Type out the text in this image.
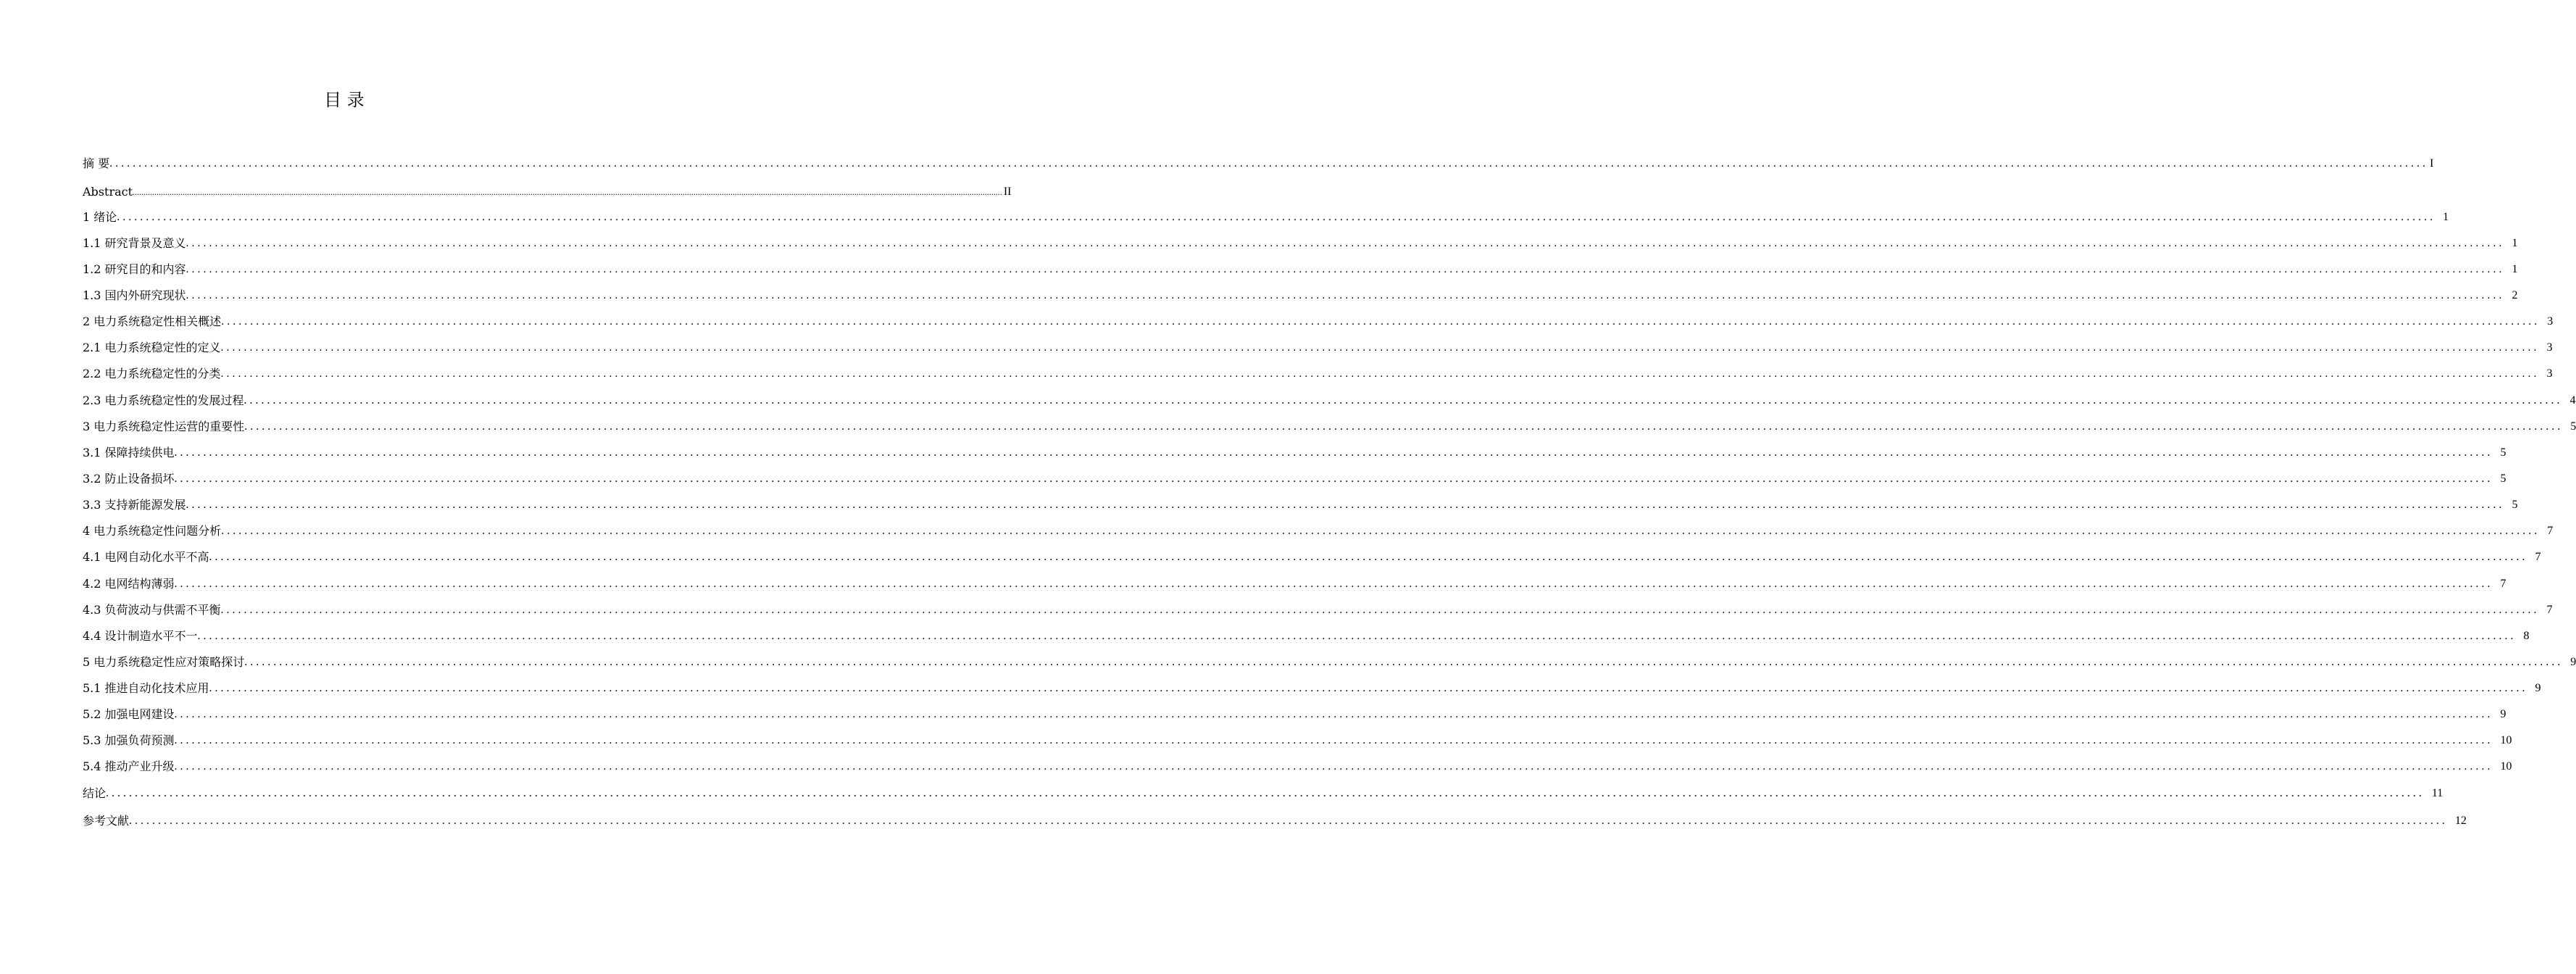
目 录
摘 要 ................................................................................................................................................................................................................................................................................................................................................................................................................ I
Abstract ................................................................................................................................................................................................................................................................................................................................................................................................................ II
1 绪论 ................................................................................................................................................................................................................................................................................................................................................................................................................ 1
1.1 研究背景及意义 ................................................................................................................................................................................................................................................................................................................................................................................................................ 1
1.2 研究目的和内容 ................................................................................................................................................................................................................................................................................................................................................................................................................ 1
1.3 国内外研究现状 ................................................................................................................................................................................................................................................................................................................................................................................................................ 2
2 电力系统稳定性相关概述 ................................................................................................................................................................................................................................................................................................................................................................................................................ 3
2.1 电力系统稳定性的定义 ................................................................................................................................................................................................................................................................................................................................................................................................................ 3
2.2 电力系统稳定性的分类 ................................................................................................................................................................................................................................................................................................................................................................................................................ 3
2.3 电力系统稳定性的发展过程 ................................................................................................................................................................................................................................................................................................................................................................................................................ 4
3 电力系统稳定性运营的重要性 ................................................................................................................................................................................................................................................................................................................................................................................................................ 5
3.1 保障持续供电 ................................................................................................................................................................................................................................................................................................................................................................................................................ 5
3.2 防止设备损坏 ................................................................................................................................................................................................................................................................................................................................................................................................................ 5
3.3 支持新能源发展 ................................................................................................................................................................................................................................................................................................................................................................................................................ 5
4 电力系统稳定性问题分析 ................................................................................................................................................................................................................................................................................................................................................................................................................ 7
4.1 电网自动化水平不高 ................................................................................................................................................................................................................................................................................................................................................................................................................ 7
4.2 电网结构薄弱 ................................................................................................................................................................................................................................................................................................................................................................................................................ 7
4.3 负荷波动与供需不平衡 ................................................................................................................................................................................................................................................................................................................................................................................................................ 7
4.4 设计制造水平不一 ................................................................................................................................................................................................................................................................................................................................................................................................................ 8
5 电力系统稳定性应对策略探讨 ................................................................................................................................................................................................................................................................................................................................................................................................................ 9
5.1 推进自动化技术应用 ................................................................................................................................................................................................................................................................................................................................................................................................................ 9
5.2 加强电网建设 ................................................................................................................................................................................................................................................................................................................................................................................................................ 9
5.3 加强负荷预测 ................................................................................................................................................................................................................................................................................................................................................................................................................ 10
5.4 推动产业升级 ................................................................................................................................................................................................................................................................................................................................................................................................................ 10
结论 ................................................................................................................................................................................................................................................................................................................................................................................................................ 11
参考文献 ................................................................................................................................................................................................................................................................................................................................................................................................................ 12
